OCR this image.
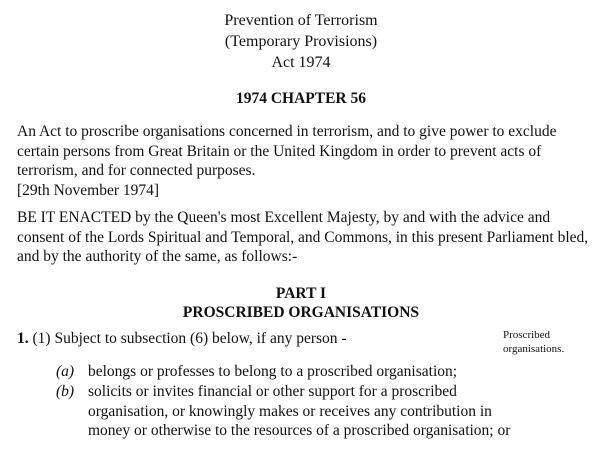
Prevention of Terrorism
(Temporary Provisions)
Act 1974
1974 CHAPTER 56
An Act to proscribe organisations concerned in terrorism, and to give power to exclude certain persons from Great Britain or the United Kingdom in order to prevent acts of terrorism, and for connected purposes.
[29th November 1974]
BE IT ENACTED by the Queen's most Excellent Majesty, by and with the advice and consent of the Lords Spiritual and Temporal, and Commons, in this present Parliament bled, and by the authority of the same, as follows:-
PART I
PROSCRIBED ORGANISATIONS
1. (1) Subject to subsection (6) below, if any person -	Proscribed
organisations.
(a) belongs or professes to belong to a proscribed organisation;
(b) solicits or invites financial or other support for a proscribed organisation, or knowingly makes or receives any contribution in money or otherwise to the resources of a proscribed organisation; or
